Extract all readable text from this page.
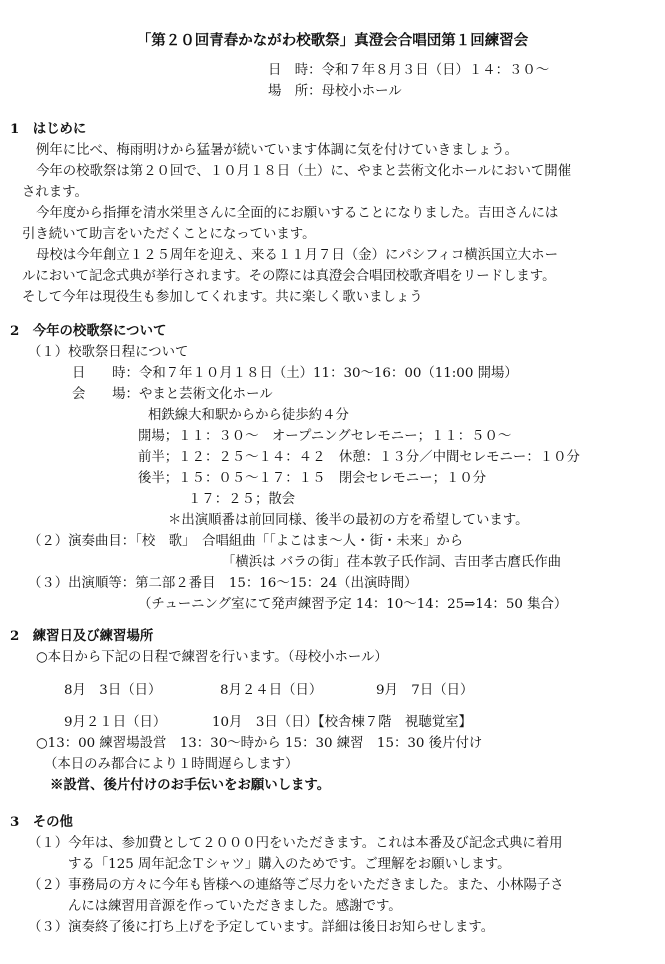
「第２０回青春かながわ校歌祭」真澄会合唱団第１回練習会
日　時：令和７年８月３日（日）１４：３０～
場　所：母校小ホール
1　はじめに
例年に比べ、梅雨明けから猛暑が続いています体調に気を付けていきましょう。
今年の校歌祭は第２０回で、１０月１８日（土）に、やまと芸術文化ホールにおいて開催
されます。
今年度から指揮を清水栄里さんに全面的にお願いすることになりました。吉田さんには
引き続いて助言をいただくことになっています。
母校は今年創立１２５周年を迎え、来る１１月７日（金）にパシフィコ横浜国立大ホー
ルにおいて記念式典が挙行されます。その際には真澄会合唱団校歌斉唱をリードします。
そして今年は現役生も参加してくれます。共に楽しく歌いましょう
2　今年の校歌祭について
（１）校歌祭日程について
日　　時：令和７年１０月１８日（土）11：30～16：00（11:00 開場）
会　　場：やまと芸術文化ホール
相鉄線大和駅からから徒歩約４分
開場；１１：３０～　オープニングセレモニー；１１：５０～
前半；１２：２５～１４：４２　休憩：１３分／中間セレモニー：１０分
後半；１５：０５～１７：１５　閉会セレモニー；１０分
１７：２５；散会
＊出演順番は前回同様、後半の最初の方を希望しています。
（２）演奏曲目：「校　歌」　合唱組曲「「よこはま～人・街・未来」から
「横浜は バラの街」荏本敦子氏作詞、吉田孝古麿氏作曲
（３）出演順等：第二部２番目　15：16～15：24（出演時間）
（チューニング室にて発声練習予定 14：10～14：25⇒14：50 集合）
2　練習日及び練習場所
○本日から下記の日程で練習を行います。（母校小ホール）
8月　3日（日）	8月２４日（日）	9月　7日（日）
9月２１日（日）	10月　3日（日）【校舎棟７階　視聴覚室】
○13：00 練習場設営　13：30～時から 15：30 練習　15：30 後片付け
（本日のみ都合により１時間遅らします）
※設営、後片付けのお手伝いをお願いします。
3　その他
（１）今年は、参加費として２０００円をいただきます。これは本番及び記念式典に着用
する「125 周年記念Ｔシャツ」購入のためです。ご理解をお願いします。
（２）事務局の方々に今年も皆様への連絡等ご尽力をいただきました。また、小林陽子さ
んには練習用音源を作っていただきました。感謝です。
（３）演奏終了後に打ち上げを予定しています。詳細は後日お知らせします。
